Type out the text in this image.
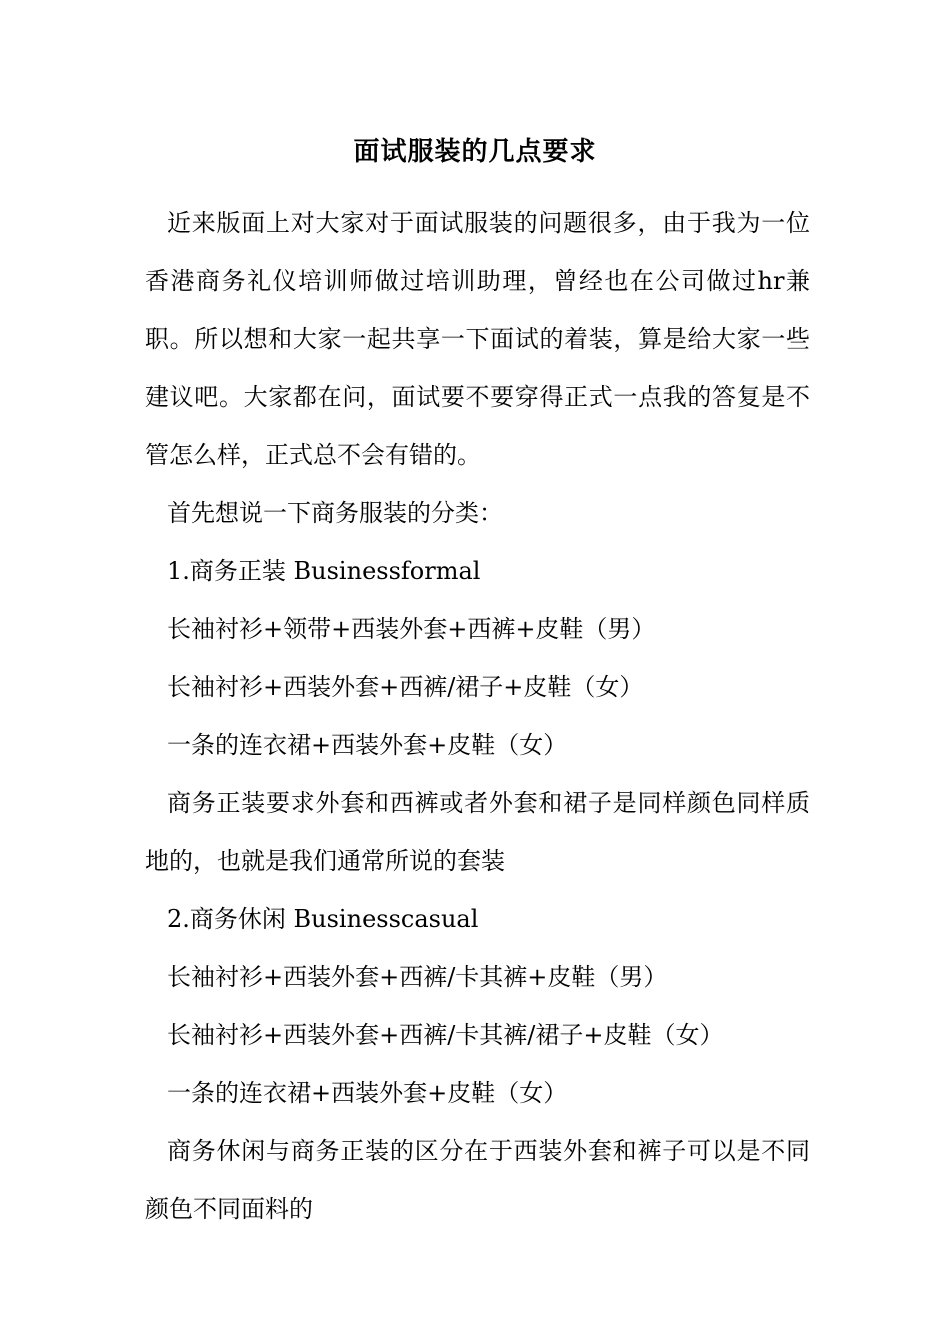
面试服装的几点要求

近来版面上对大家对于面试服装的问题很多，由于我为一位香港商务礼仪培训师做过培训助理，曾经也在公司做过hr兼职。所以想和大家一起共享一下面试的着装，算是给大家一些建议吧。大家都在问，面试要不要穿得正式一点我的答复是不管怎么样，正式总不会有错的。

首先想说一下商务服装的分类：

1.商务正装 Businessformal

长袖衬衫+领带+西装外套+西裤+皮鞋（男）

长袖衬衫+西装外套+西裤/裙子+皮鞋（女）

一条的连衣裙+西装外套+皮鞋（女）

商务正装要求外套和西裤或者外套和裙子是同样颜色同样质地的，也就是我们通常所说的套装

2.商务休闲 Businesscasual

长袖衬衫+西装外套+西裤/卡其裤+皮鞋（男）

长袖衬衫+西装外套+西裤/卡其裤/裙子+皮鞋（女）

一条的连衣裙+西装外套+皮鞋（女）

商务休闲与商务正装的区分在于西装外套和裤子可以是不同颜色不同面料的
